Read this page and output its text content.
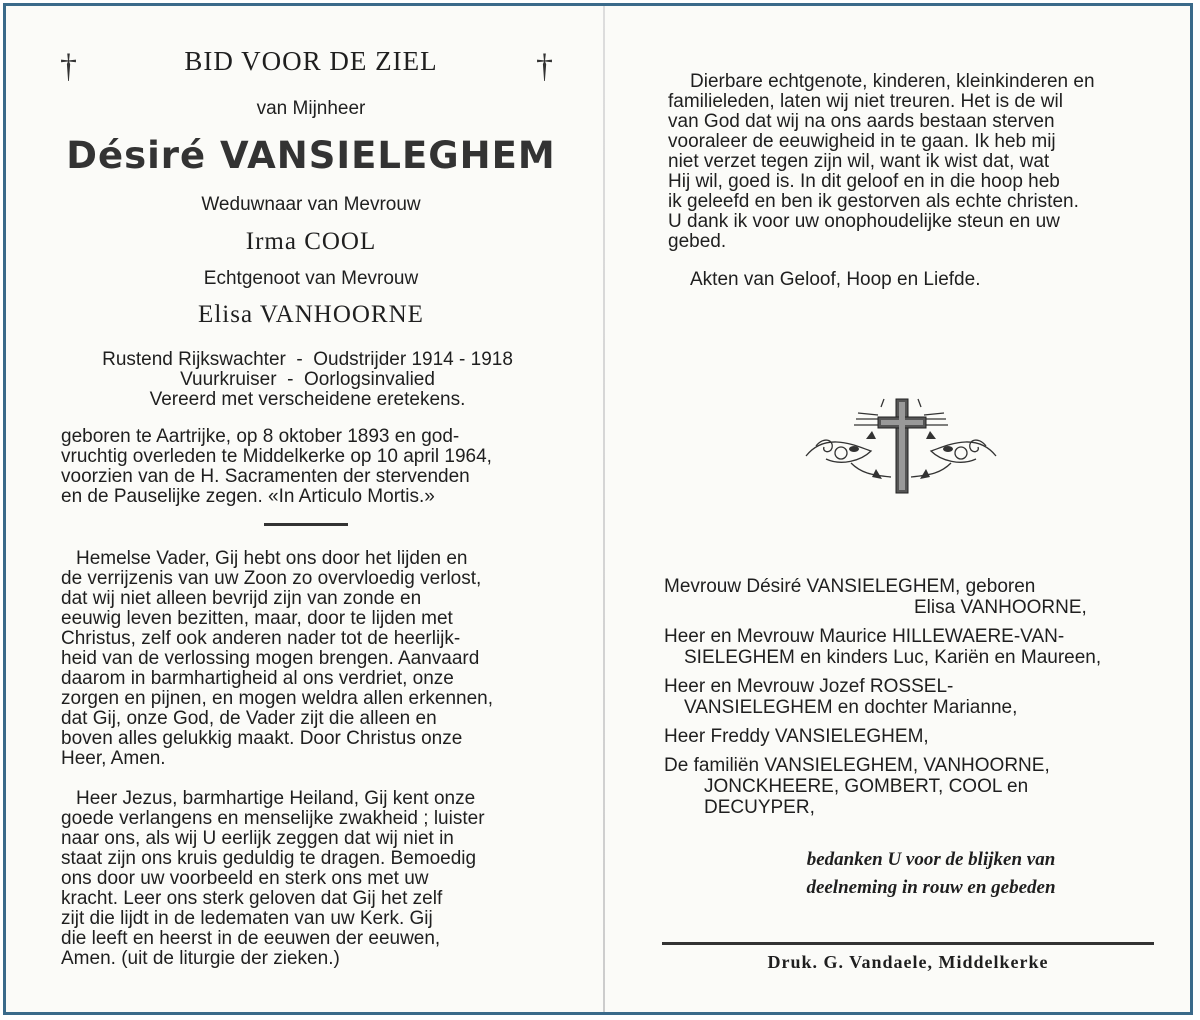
†	†
BID VOOR DE ZIEL
van Mijnheer
Désiré VANSIELEGHEM
Weduwnaar van Mevrouw
Irma COOL
Echtgenoot van Mevrouw
Elisa VANHOORNE
Rustend Rijkswachter  -  Oudstrijder 1914 - 1918
Vuurkruiser  -  Oorlogsinvalied
Vereerd met verscheidene eretekens.
geboren te Aartrijke, op 8 oktober 1893 en god-
vruchtig overleden te Middelkerke op 10 april 1964,
voorzien van de H. Sacramenten der stervenden
en de Pauselijke zegen. «In Articulo Mortis.»
Hemelse Vader, Gij hebt ons door het lijden en
de verrijzenis van uw Zoon zo overvloedig verlost,
dat wij niet alleen bevrijd zijn van zonde en
eeuwig leven bezitten, maar, door te lijden met
Christus, zelf ook anderen nader tot de heerlijk-
heid van de verlossing mogen brengen. Aanvaard
daarom in barmhartigheid al ons verdriet, onze
zorgen en pijnen, en mogen weldra allen erkennen,
dat Gij, onze God, de Vader zijt die alleen en
boven alles gelukkig maakt. Door Christus onze
Heer, Amen.
Heer Jezus, barmhartige Heiland, Gij kent onze
goede verlangens en menselijke zwakheid ; luister
naar ons, als wij U eerlijk zeggen dat wij niet in
staat zijn ons kruis geduldig te dragen. Bemoedig
ons door uw voorbeeld en sterk ons met uw
kracht. Leer ons sterk geloven dat Gij het zelf
zijt die lijdt in de ledematen van uw Kerk. Gij
die leeft en heerst in de eeuwen der eeuwen,
Amen. (uit de liturgie der zieken.)
Dierbare echtgenote, kinderen, kleinkinderen en
familieleden, laten wij niet treuren. Het is de wil
van God dat wij na ons aards bestaan sterven
vooraleer de eeuwigheid in te gaan. Ik heb mij
niet verzet tegen zijn wil, want ik wist dat, wat
Hij wil, goed is. In dit geloof en in die hoop heb
ik geleefd en ben ik gestorven als echte christen.
U dank ik voor uw onophoudelijke steun en uw
gebed.
Akten van Geloof, Hoop en Liefde.
Mevrouw Désiré VANSIELEGHEM, geboren
Elisa VANHOORNE,
Heer en Mevrouw Maurice HILLEWAERE-VAN-
SIELEGHEM en kinders Luc, Kariën en Maureen,
Heer en Mevrouw Jozef ROSSEL-
VANSIELEGHEM en dochter Marianne,
Heer Freddy VANSIELEGHEM,
De familiën VANSIELEGHEM, VANHOORNE,
JONCKHEERE, GOMBERT, COOL en
DECUYPER,
bedanken U voor de blijken van
deelneming in rouw en gebeden
Druk. G. Vandaele, Middelkerke
